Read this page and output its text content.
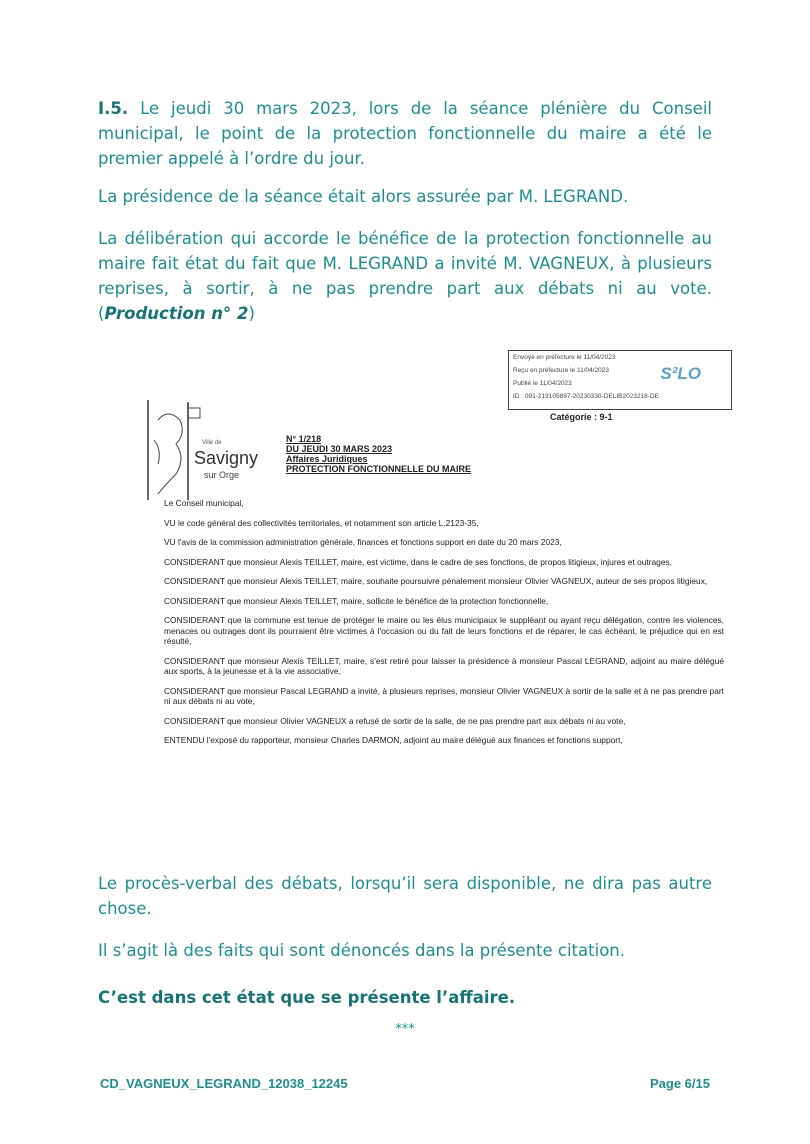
I.5. Le jeudi 30 mars 2023, lors de la séance plénière du Conseil municipal, le point de la protection fonctionnelle du maire a été le premier appelé à l’ordre du jour.
La présidence de la séance était alors assurée par M. LEGRAND.
La délibération qui accorde le bénéfice de la protection fonctionnelle au maire fait état du fait que M. LEGRAND a invité M. VAGNEUX, à plusieurs reprises, à sortir, à ne pas prendre part aux débats ni au vote. (Production n° 2)
Envoyé en préfecture le 11/04/2023
Reçu en préfecture le 11/04/2023
Publié le 11/04/2023
ID : 091-219105897-20230330-DELIB2023218-DE
S²LO
Catégorie : 9-1
Ville de
Savigny
sur Orge
N° 1/218
DU JEUDI 30 MARS 2023
Affaires Juridiques
PROTECTION FONCTIONNELLE DU MAIRE
Le Conseil municipal,
VU le code général des collectivités territoriales, et notamment son article L.2123-35,
VU l'avis de la commission administration générale, finances et fonctions support en date du 20 mars 2023,
CONSIDERANT que monsieur Alexis TEILLET, maire, est victime, dans le cadre de ses fonctions, de propos litigieux, injures et outrages,
CONSIDERANT que monsieur Alexis TEILLET, maire, souhaite poursuivre pénalement monsieur Olivier VAGNEUX, auteur de ses propos litigieux,
CONSIDERANT que monsieur Alexis TEILLET, maire, sollicite le bénéfice de la protection fonctionnelle,
CONSIDERANT que la commune est tenue de protéger le maire ou les élus municipaux le suppléant ou ayant reçu délégation, contre les violences, menaces ou outrages dont ils pourraient être victimes à l'occasion ou du fait de leurs fonctions et de réparer, le cas échéant, le préjudice qui en est résulté,
CONSIDERANT que monsieur Alexis TEILLET, maire, s'est retiré pour laisser la présidence à monsieur Pascal LEGRAND, adjoint au maire délégué aux sports, à la jeunesse et à la vie associative,
CONSIDERANT que monsieur Pascal LEGRAND a invité, à plusieurs reprises, monsieur Olivier VAGNEUX à sortir de la salle et à ne pas prendre part ni aux débats ni au vote,
CONSIDERANT que monsieur Olivier VAGNEUX a refusé de sortir de la salle, de ne pas prendre part aux débats ni au vote,
ENTENDU l'exposé du rapporteur, monsieur Charles DARMON, adjoint au maire délégué aux finances et fonctions support,
Le procès-verbal des débats, lorsqu’il sera disponible, ne dira pas autre chose.
Il s’agit là des faits qui sont dénoncés dans la présente citation.
C’est dans cet état que se présente l’affaire.
***
CD_VAGNEUX_LEGRAND_12038_12245	Page 6/15
